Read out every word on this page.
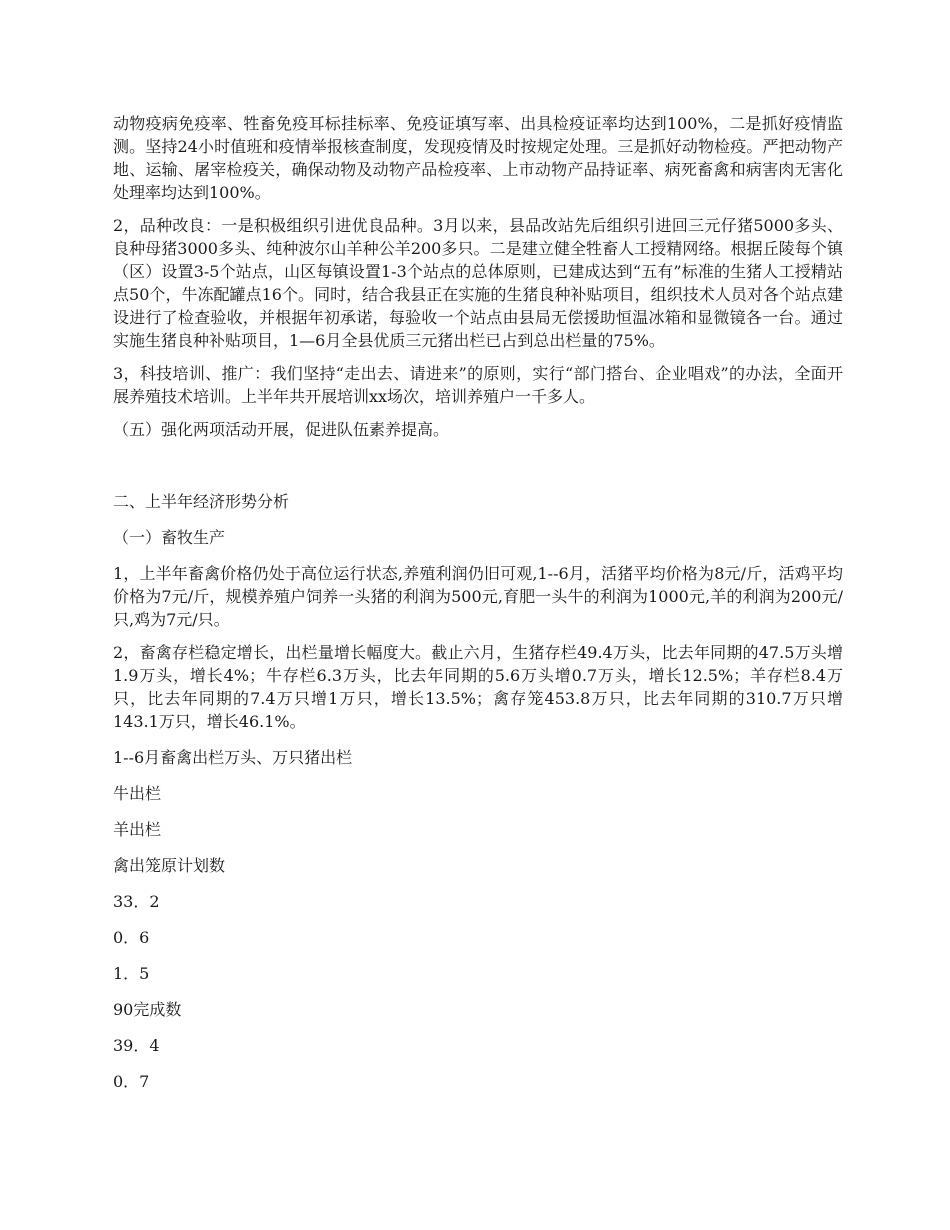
动物疫病免疫率、牲畜免疫耳标挂标率、免疫证填写率、出具检疫证率均达到100%，二是抓好疫情监测。坚持24小时值班和疫情举报核查制度，发现疫情及时按规定处理。三是抓好动物检疫。严把动物产地、运输、屠宰检疫关，确保动物及动物产品检疫率、上市动物产品持证率、病死畜禽和病害肉无害化处理率均达到100%。

2，品种改良：一是积极组织引进优良品种。3月以来，县品改站先后组织引进回三元仔猪5000多头、良种母猪3000多头、纯种波尔山羊种公羊200多只。二是建立健全牲畜人工授精网络。根据丘陵每个镇（区）设置3-5个站点，山区每镇设置1-3个站点的总体原则，已建成达到“五有”标准的生猪人工授精站点50个，牛冻配罐点16个。同时，结合我县正在实施的生猪良种补贴项目，组织技术人员对各个站点建设进行了检查验收，并根据年初承诺，每验收一个站点由县局无偿援助恒温冰箱和显微镜各一台。通过实施生猪良种补贴项目，1—6月全县优质三元猪出栏已占到总出栏量的75%。

3，科技培训、推广：我们坚持“走出去、请进来”的原则，实行“部门搭台、企业唱戏”的办法，全面开展养殖技术培训。上半年共开展培训xx场次，培训养殖户一千多人。

（五）强化两项活动开展，促进队伍素养提高。

二、上半年经济形势分析

（一）畜牧生产

1，上半年畜禽价格仍处于高位运行状态,养殖利润仍旧可观,1--6月，活猪平均价格为8元/斤，活鸡平均价格为7元/斤，规模养殖户饲养一头猪的利润为500元,育肥一头牛的利润为1000元,羊的利润为200元/只,鸡为7元/只。

2，畜禽存栏稳定增长，出栏量增长幅度大。截止六月，生猪存栏49.4万头，比去年同期的47.5万头增1.9万头，增长4%；牛存栏6.3万头，比去年同期的5.6万头增0.7万头，增长12.5%；羊存栏8.4万只，比去年同期的7.4万只增1万只，增长13.5%；禽存笼453.8万只，比去年同期的310.7万只增143.1万只，增长46.1%。

1--6月畜禽出栏万头、万只猪出栏

牛出栏

羊出栏

禽出笼原计划数

33．2

0．6

1．5

90完成数

39．4

0．7
